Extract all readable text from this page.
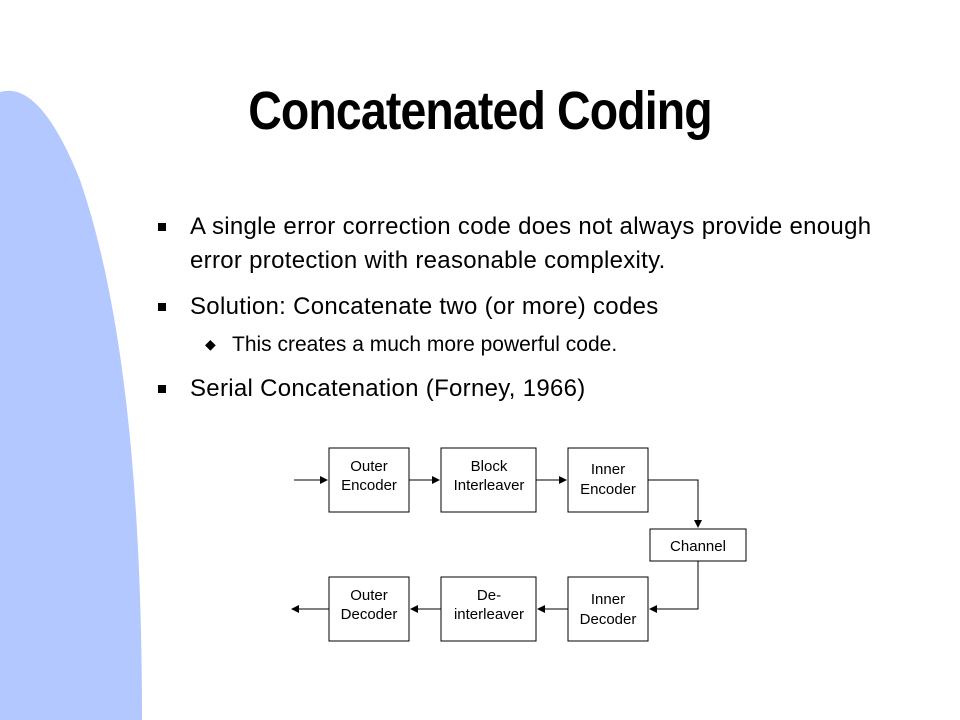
Concatenated Coding
A single error correction code does not always provide enough error protection with reasonable complexity.
Solution: Concatenate two (or more) codes
◆ This creates a much more powerful code.
Serial Concatenation (Forney, 1966)
Outer
Encoder
Block
Interleaver
Inner
Encoder
Channel
Outer
Decoder
De-
interleaver
Inner
Decoder
